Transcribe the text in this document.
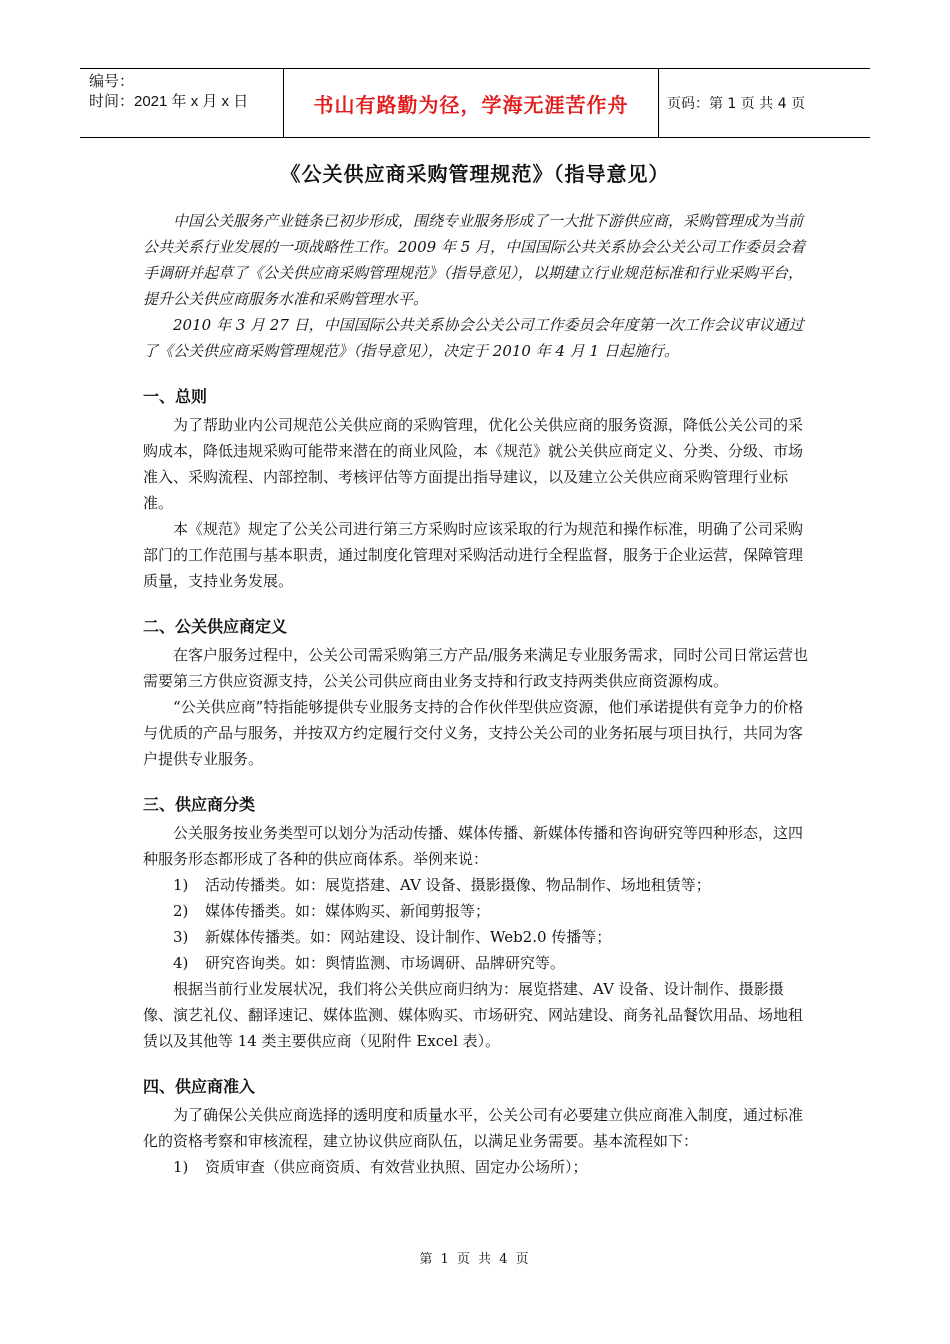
编号：
时间：2021 年 x 月 x 日	书山有路勤为径，学海无涯苦作舟	页码：第 1 页 共 4 页
《公关供应商采购管理规范》（指导意见）

中国公关服务产业链条已初步形成，围绕专业服务形成了一大批下游供应商，采购管理成为当前公共关系行业发展的一项战略性工作。2009 年 5 月，中国国际公共关系协会公关公司工作委员会着手调研并起草了《公关供应商采购管理规范》（指导意见），以期建立行业规范标准和行业采购平台，提升公关供应商服务水准和采购管理水平。

2010 年 3 月 27 日，中国国际公共关系协会公关公司工作委员会年度第一次工作会议审议通过了《公关供应商采购管理规范》（指导意见），决定于 2010 年 4 月 1 日起施行。

一、总则

为了帮助业内公司规范公关供应商的采购管理，优化公关供应商的服务资源，降低公关公司的采购成本，降低违规采购可能带来潜在的商业风险，本《规范》就公关供应商定义、分类、分级、市场准入、采购流程、内部控制、考核评估等方面提出指导建议，以及建立公关供应商采购管理行业标准。

本《规范》规定了公关公司进行第三方采购时应该采取的行为规范和操作标准，明确了公司采购部门的工作范围与基本职责，通过制度化管理对采购活动进行全程监督，服务于企业运营，保障管理质量，支持业务发展。

二、公关供应商定义

在客户服务过程中，公关公司需采购第三方产品/服务来满足专业服务需求，同时公司日常运营也需要第三方供应资源支持，公关公司供应商由业务支持和行政支持两类供应商资源构成。

“公关供应商”特指能够提供专业服务支持的合作伙伴型供应资源，他们承诺提供有竞争力的价格与优质的产品与服务，并按双方约定履行交付义务，支持公关公司的业务拓展与项目执行，共同为客户提供专业服务。

三、供应商分类

公关服务按业务类型可以划分为活动传播、媒体传播、新媒体传播和咨询研究等四种形态，这四种服务形态都形成了各种的供应商体系。举例来说：

1) 活动传播类。如：展览搭建、AV 设备、摄影摄像、物品制作、场地租赁等；

2) 媒体传播类。如：媒体购买、新闻剪报等；

3) 新媒体传播类。如：网站建设、设计制作、Web2.0 传播等；

4) 研究咨询类。如：舆情监测、市场调研、品牌研究等。

根据当前行业发展状况，我们将公关供应商归纳为：展览搭建、AV 设备、设计制作、摄影摄像、演艺礼仪、翻译速记、媒体监测、媒体购买、市场研究、网站建设、商务礼品餐饮用品、场地租赁以及其他等 14 类主要供应商（见附件 Excel 表）。

四、供应商准入

为了确保公关供应商选择的透明度和质量水平，公关公司有必要建立供应商准入制度，通过标准化的资格考察和审核流程，建立协议供应商队伍，以满足业务需要。基本流程如下：

1) 资质审查（供应商资质、有效营业执照、固定办公场所）；

第 1 页 共 4 页
